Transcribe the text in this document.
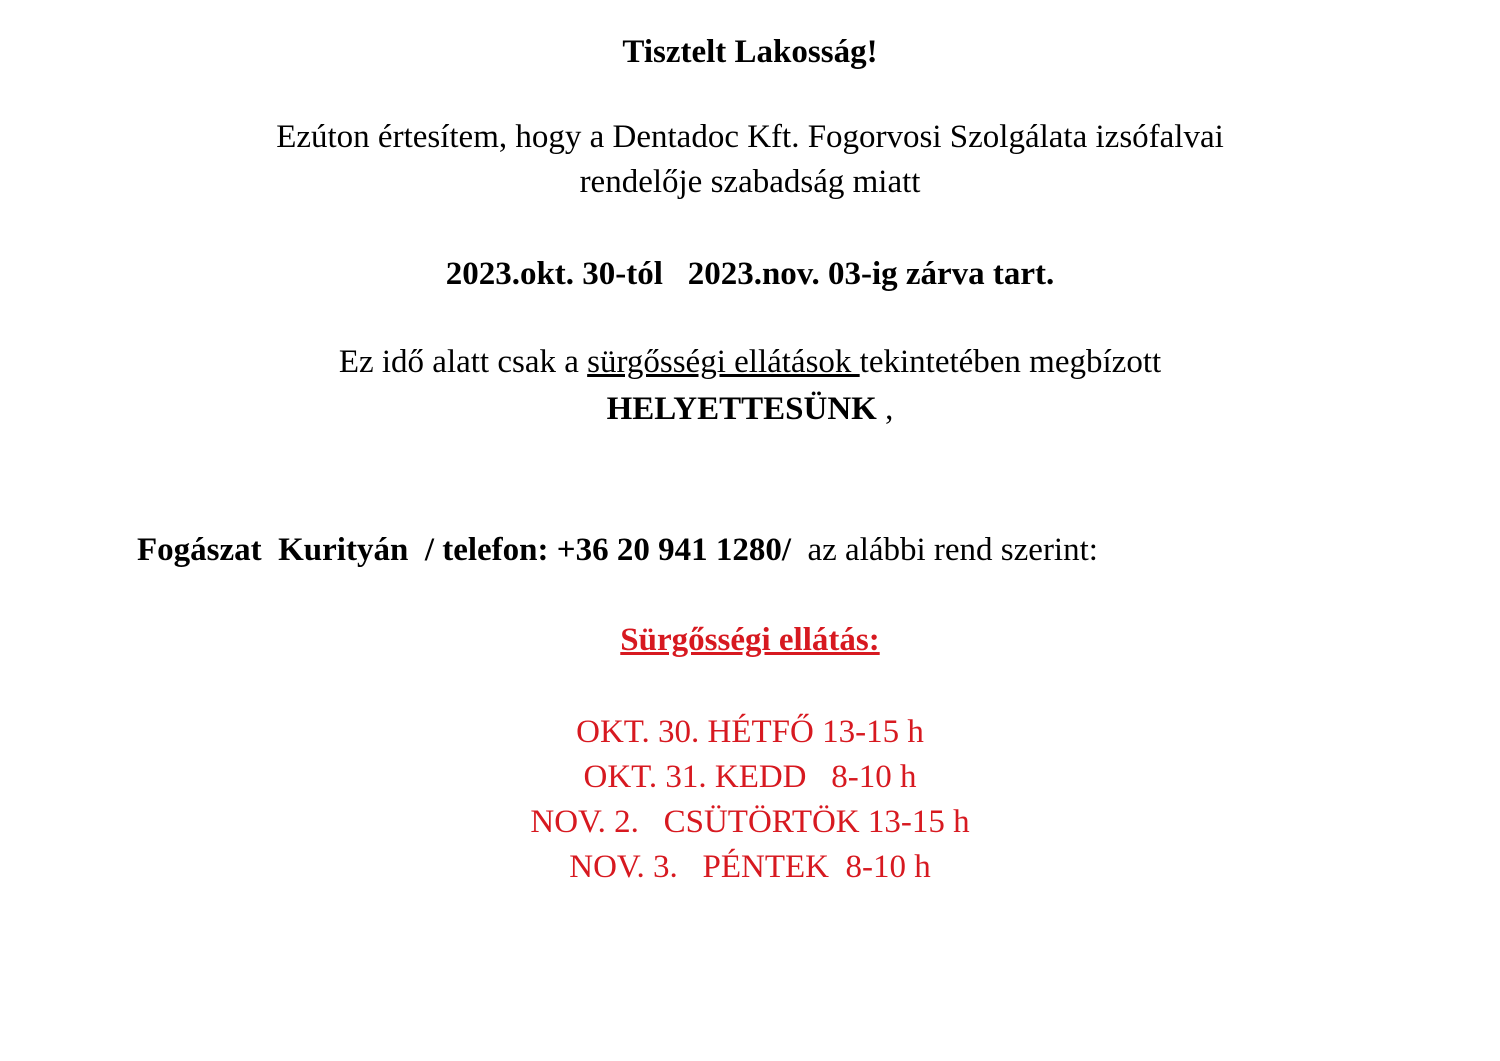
Tisztelt Lakosság!
Ezúton értesítem, hogy a Dentadoc Kft. Fogorvosi Szolgálata izsófalvai
rendelője szabadság miatt
2023.okt. 30-tól 2023.nov. 03-ig zárva tart.
Ez idő alatt csak a sürgősségi ellátások tekintetében megbízott
HELYETTESÜNK ,
Fogászat  Kurityán  / telefon: +36 20 941 1280/  az alábbi rend szerint:
Sürgősségi ellátás:
OKT. 30. HÉTFŐ 13-15 h
OKT. 31. KEDD   8-10 h
NOV. 2.   CSÜTÖRTÖK 13-15 h
NOV. 3.   PÉNTEK  8-10 h
